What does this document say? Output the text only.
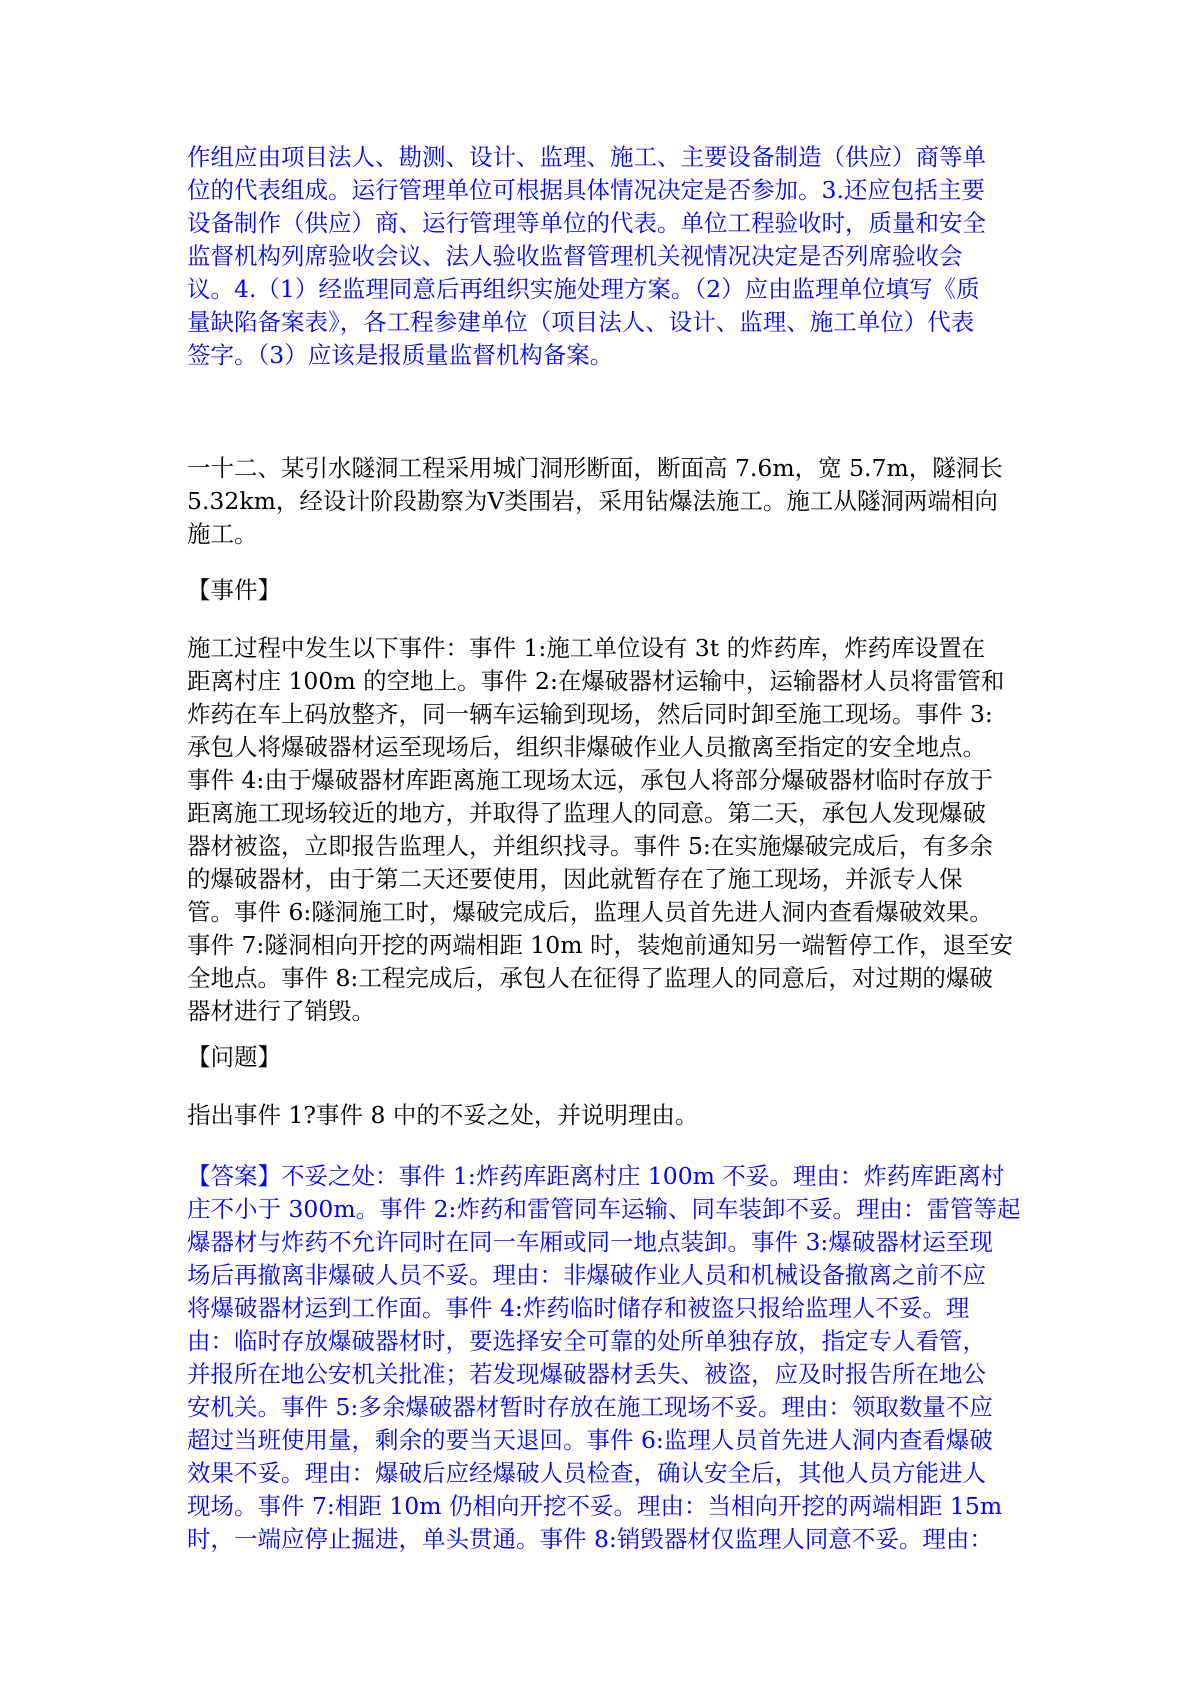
作组应由项目法人、勘测、设计、监理、施工、主要设备制造（供应）商等单
位的代表组成。运行管理单位可根据具体情况决定是否参加。3.还应包括主要
设备制作（供应）商、运行管理等单位的代表。单位工程验收时，质量和安全
监督机构列席验收会议、法人验收监督管理机关视情况决定是否列席验收会
议。4.（1）经监理同意后再组织实施处理方案。（2）应由监理单位填写《质
量缺陷备案表》，各工程参建单位（项目法人、设计、监理、施工单位）代表
签字。（3）应该是报质量监督机构备案。
一十二、某引水隧洞工程采用城门洞形断面，断面高 7.6m，宽 5.7m，隧洞长
5.32km，经设计阶段勘察为Ⅴ类围岩，采用钻爆法施工。施工从隧洞两端相向
施工。
【事件】
施工过程中发生以下事件：事件 1:施工单位设有 3t 的炸药库，炸药库设置在
距离村庄 100m 的空地上。事件 2:在爆破器材运输中，运输器材人员将雷管和
炸药在车上码放整齐，同一辆车运输到现场，然后同时卸至施工现场。事件 3:
承包人将爆破器材运至现场后，组织非爆破作业人员撤离至指定的安全地点。
事件 4:由于爆破器材库距离施工现场太远，承包人将部分爆破器材临时存放于
距离施工现场较近的地方，并取得了监理人的同意。第二天，承包人发现爆破
器材被盗，立即报告监理人，并组织找寻。事件 5:在实施爆破完成后，有多余
的爆破器材，由于第二天还要使用，因此就暂存在了施工现场，并派专人保
管。事件 6:隧洞施工时，爆破完成后，监理人员首先进人洞内查看爆破效果。
事件 7:隧洞相向开挖的两端相距 10m 时，装炮前通知另一端暂停工作，退至安
全地点。事件 8:工程完成后，承包人在征得了监理人的同意后，对过期的爆破
器材进行了销毁。
【问题】
指出事件 1?事件 8 中的不妥之处，并说明理由。
【答案】不妥之处：事件 1:炸药库距离村庄 100m 不妥。理由：炸药库距离村
庄不小于 300m。事件 2:炸药和雷管同车运输、同车装卸不妥。理由：雷管等起
爆器材与炸药不允许同时在同一车厢或同一地点装卸。事件 3:爆破器材运至现
场后再撤离非爆破人员不妥。理由：非爆破作业人员和机械设备撤离之前不应
将爆破器材运到工作面。事件 4:炸药临时储存和被盗只报给监理人不妥。理
由：临时存放爆破器材时，要选择安全可靠的处所单独存放，指定专人看管，
并报所在地公安机关批准；若发现爆破器材丢失、被盗，应及时报告所在地公
安机关。事件 5:多余爆破器材暂时存放在施工现场不妥。理由：领取数量不应
超过当班使用量，剩余的要当天退回。事件 6:监理人员首先进人洞内查看爆破
效果不妥。理由：爆破后应经爆破人员检查，确认安全后，其他人员方能进人
现场。事件 7:相距 10m 仍相向开挖不妥。理由：当相向开挖的两端相距 15m
时，一端应停止掘进，单头贯通。事件 8:销毁器材仅监理人同意不妥。理由：
